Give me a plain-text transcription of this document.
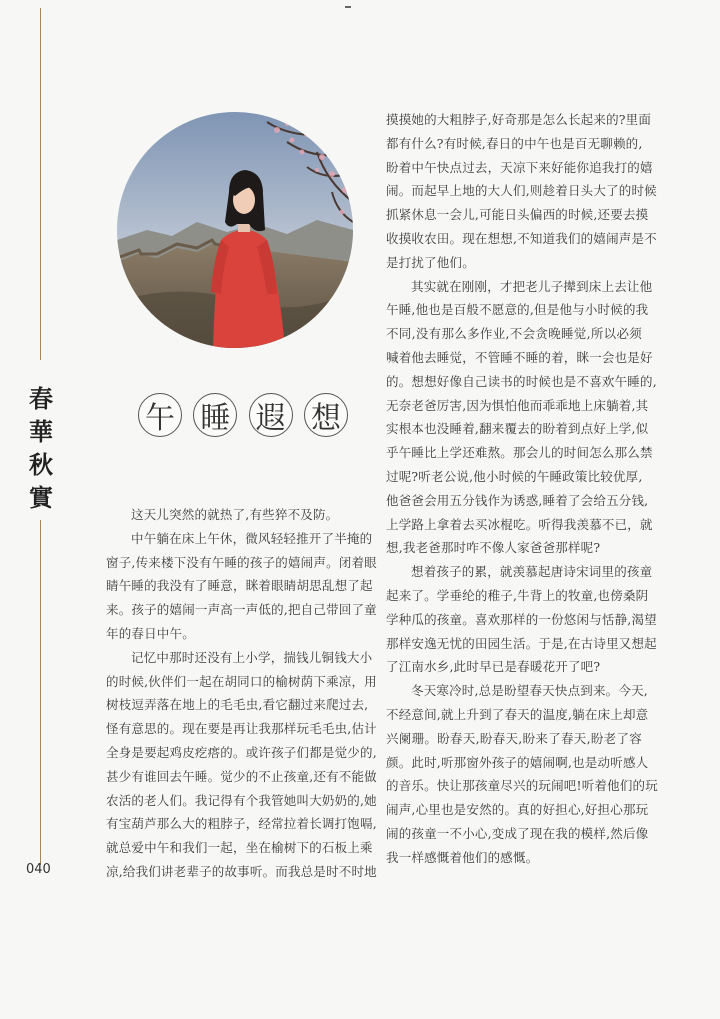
春
華
秋
實
午 睡 遐 想

这天儿突然的就热了,有些猝不及防。

中午躺在床上午休，微风轻轻推开了半掩的
窗子,传来楼下没有午睡的孩子的嬉闹声。闭着眼
睛午睡的我没有了睡意，眯着眼睛胡思乱想了起
来。孩子的嬉闹一声高一声低的,把自己带回了童
年的春日中午。

记忆中那时还没有上小学，揣钱儿铜钱大小
的时候,伙伴们一起在胡同口的榆树荫下乘凉，用
树枝逗弄落在地上的毛毛虫,看它翻过来爬过去,
怪有意思的。现在要是再让我那样玩毛毛虫,估计
全身是要起鸡皮疙瘩的。或许孩子们都是觉少的,
甚少有谁回去午睡。觉少的不止孩童,还有不能做
农活的老人们。我记得有个我管她叫大奶奶的,她
有宝葫芦那么大的粗脖子，经常拉着长调打饱嗝,
就总爱中午和我们一起，坐在榆树下的石板上乘
凉,给我们讲老辈子的故事听。而我总是时不时地

摸摸她的大粗脖子,好奇那是怎么长起来的?里面
都有什么?有时候,春日的中午也是百无聊赖的,
盼着中午快点过去，天凉下来好能你追我打的嬉
闹。而起早上地的大人们,则趁着日头大了的时候
抓紧休息一会儿,可能日头偏西的时候,还要去摸
收摸收农田。现在想想,不知道我们的嬉闹声是不
是打扰了他们。

其实就在刚刚，才把老儿子撵到床上去让他
午睡,他也是百般不愿意的,但是他与小时候的我
不同,没有那么多作业,不会贪晚睡觉,所以必须
喊着他去睡觉，不管睡不睡的着，眯一会也是好
的。想想好像自己读书的时候也是不喜欢午睡的,
无奈老爸厉害,因为惧怕他而乖乖地上床躺着,其
实根本也没睡着,翻来覆去的盼着到点好上学,似
乎午睡比上学还难熬。那会儿的时间怎么那么禁
过呢?听老公说,他小时候的午睡政策比较优厚,
他爸爸会用五分钱作为诱惑,睡着了会给五分钱,
上学路上拿着去买冰棍吃。听得我羡慕不已，就
想,我老爸那时咋不像人家爸爸那样呢?

想着孩子的累，就羡慕起唐诗宋词里的孩童
起来了。学垂纶的稚子,牛背上的牧童,也傍桑阴
学种瓜的孩童。喜欢那样的一份悠闲与恬静,渴望
那样安逸无忧的田园生活。于是,在古诗里又想起
了江南水乡,此时早已是春暖花开了吧?

冬天寒冷时,总是盼望春天快点到来。今天,
不经意间,就上升到了春天的温度,躺在床上却意
兴阑珊。盼春天,盼春天,盼来了春天,盼老了容
颜。此时,听那窗外孩子的嬉闹啊,也是动听感人
的音乐。快让那孩童尽兴的玩闹吧!听着他们的玩
闹声,心里也是安然的。真的好担心,好担心那玩
闹的孩童一不小心,变成了现在我的模样,然后像
我一样感慨着他们的感慨。

040
